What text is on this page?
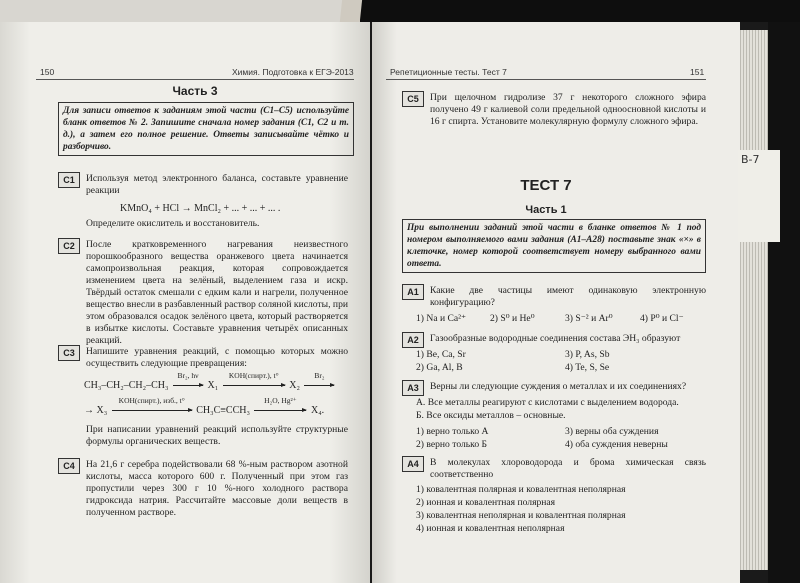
150	Химия. Подготовка к ЕГЭ-2013
Часть 3
Для записи ответов к заданиям этой части (С1–С5) используйте бланк ответов № 2. Запишите сначала номер задания (С1, С2 и т. д.), а затем его полное решение. Ответы записывайте чётко и разборчиво.
С1	Используя метод электронного баланса, составьте уравнение реакции
KMnO₄ + HCl → MnCl₂ + ... + ... + ... .
Определите окислитель и восстановитель.
С2	После кратковременного нагревания неизвестного порошкообразного вещества оранжевого цвета начинается самопроизвольная реакция, которая сопровождается изменением цвета на зелёный, выделением газа и искр. Твёрдый остаток смешали с едким кали и нагрели, полученное вещество внесли в разбавленный раствор соляной кислоты, при этом образовался осадок зелёного цвета, который растворяется в избытке кислоты. Составьте уравнения четырёх описанных реакций.
С3	Напишите уравнения реакций, с помощью которых можно осуществить следующие превращения:
CH₃–CH₂–CH₂–CH₃
Br₂, hν
X₁
KOH(спирт.), t°
X₂
Br₂
→ X₃
KOH(спирт.), изб., t°
CH₃C≡CCH₃
H₂O, Hg²⁺
X₄.
При написании уравнений реакций используйте структурные формулы органических веществ.
С4	На 21,6 г серебра подействовали 68 %-ным раствором азотной кислоты, масса которого 600 г. Полученный при этом газ пропустили через 300 г 10 %-ного холодного раствора гидроксида натрия. Рассчитайте массовые доли веществ в полученном растворе.
Репетиционные тесты. Тест 7	151
С5	При щелочном гидролизе 37 г некоторого сложного эфира получено 49 г калиевой соли предельной одноосновной кислоты и 16 г спирта. Установите молекулярную формулу сложного эфира.
ТЕСТ 7
Часть 1
При выполнении заданий этой части в бланке ответов № 1 под номером выполняемого вами задания (А1–А28) поставьте знак «×» в клеточке, номер которой соответствует номеру выбранного вами ответа.
А1	Какие две частицы имеют одинаковую электронную конфигурацию?
1) Na и Ca²⁺ 2) S⁰ и He⁰	3) S⁻² и Ar⁰	4) P⁰ и Cl⁻
А2	Газообразные водородные соединения состава ЭН₃ образуют
1) Be, Ca, Sr	3) P, As, Sb
2) Ga, Al, B	4) Te, S, Se
А3	Верны ли следующие суждения о металлах и их соединениях?
А. Все металлы реагируют с кислотами с выделением водорода.
Б. Все оксиды металлов – основные.
1) верно только А	3) верны оба суждения
2) верно только Б	4) оба суждения неверны
А4	В молекулах хлороводорода и брома химическая связь соответственно
1) ковалентная полярная и ковалентная неполярная
2) ионная и ковалентная полярная
3) ковалентная неполярная и ковалентная полярная
4) ионная и ковалентная неполярная
В-7
